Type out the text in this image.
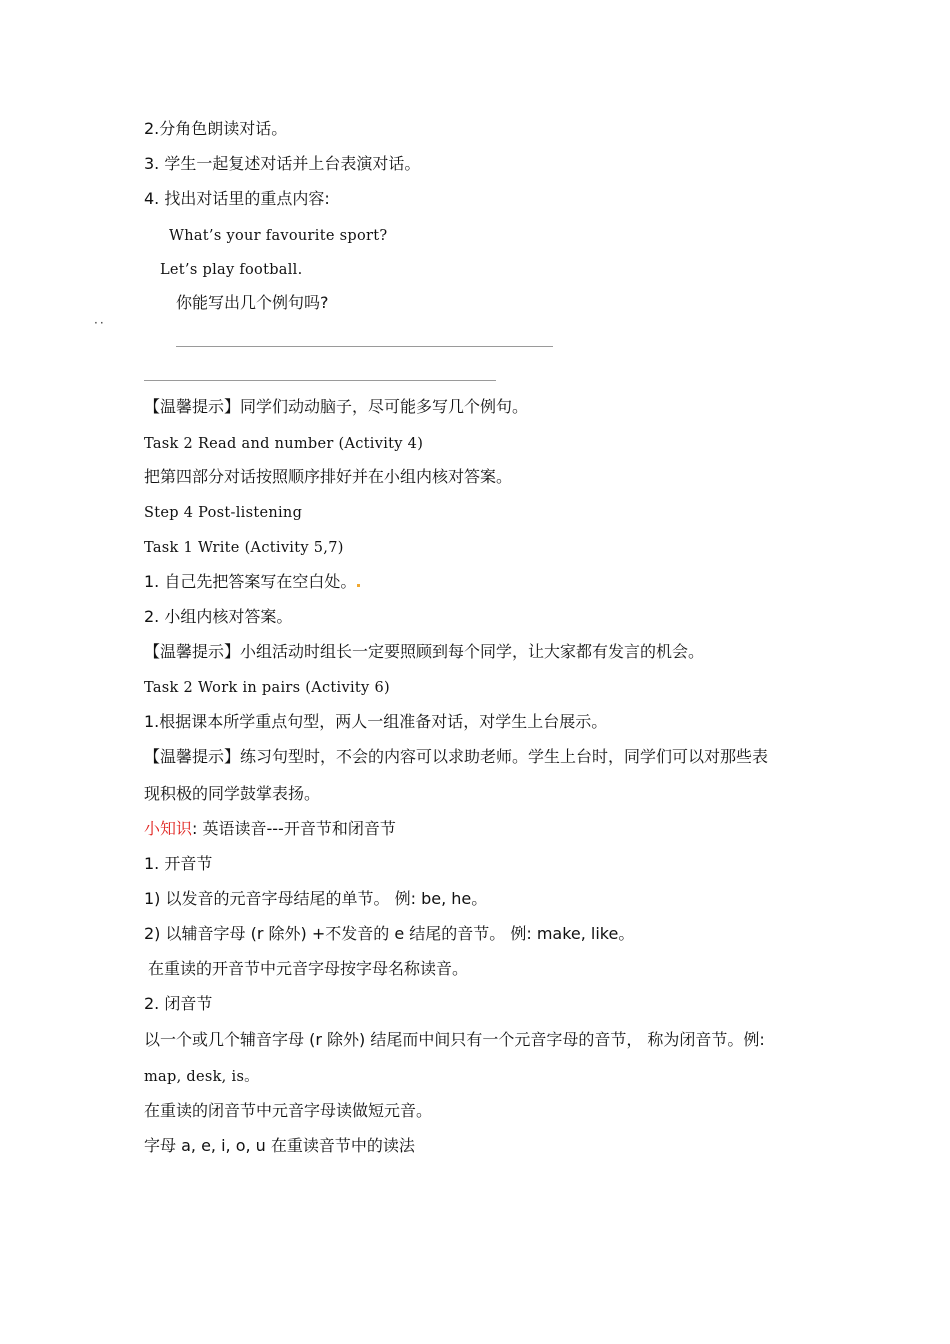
2.分角色朗读对话。
3. 学生一起复述对话并上台表演对话。
4. 找出对话里的重点内容:
What’s your favourite sport?
Let’s play football.
你能写出几个例句吗?
··
【温馨提示】同学们动动脑子，尽可能多写几个例句。
Task 2 Read and number (Activity 4)
把第四部分对话按照顺序排好并在小组内核对答案。
Step 4 Post-listening
Task 1 Write (Activity 5,7)
1. 自己先把答案写在空白处。
2. 小组内核对答案。
【温馨提示】小组活动时组长一定要照顾到每个同学，让大家都有发言的机会。
Task 2 Work in pairs (Activity 6)
1.根据课本所学重点句型，两人一组准备对话，对学生上台展示。
【温馨提示】练习句型时，不会的内容可以求助老师。学生上台时，同学们可以对那些表
现积极的同学鼓掌表扬。
小知识: 英语读音---开音节和闭音节
1. 开音节
1) 以发音的元音字母结尾的单节。 例: be, he。
2) 以辅音字母 (r 除外) +不发音的 e 结尾的音节。 例: make, like。
在重读的开音节中元音字母按字母名称读音。
2. 闭音节
以一个或几个辅音字母 (r 除外) 结尾而中间只有一个元音字母的音节， 称为闭音节。例:
map, desk, is。
在重读的闭音节中元音字母读做短元音。
字母 a, e, i, o, u 在重读音节中的读法
